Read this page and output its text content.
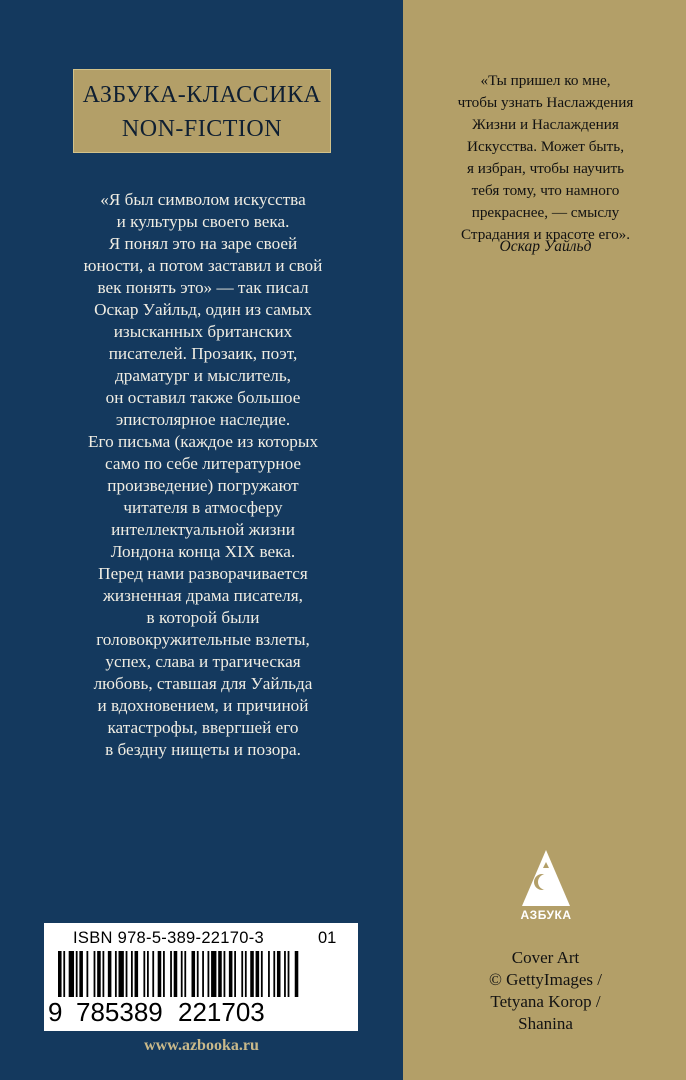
АЗБУКА-КЛАССИКА
NON-FICTION

«Я был символом искусства
и культуры своего века.
Я понял это на заре своей
юности, а потом заставил и свой
век понять это» — так писал
Оскар Уайльд, один из самых
изысканных британских
писателей. Прозаик, поэт,
драматург и мыслитель,
он оставил также большое
эпистолярное наследие.
Его письма (каждое из которых
само по себе литературное
произведение) погружают
читателя в атмосферу
интеллектуальной жизни
Лондона конца XIX века.
Перед нами разворачивается
жизненная драма писателя,
в которой были
головокружительные взлеты,
успех, слава и трагическая
любовь, ставшая для Уайльда
и вдохновением, и причиной
катастрофы, ввергшей его
в бездну нищеты и позора.

«Ты пришел ко мне,
чтобы узнать Наслаждения
Жизни и Наслаждения
Искусства. Может быть,
я избран, чтобы научить
тебя тому, что намного
прекраснее, — смыслу
Страдания и красоте его».

Оскар Уайльд

АЗБУКА

Cover Art
© GettyImages /
Tetyana Korop /
Shanina

ISBN 978-5-389-22170-3	01
9 785389 221703
www.azbooka.ru
